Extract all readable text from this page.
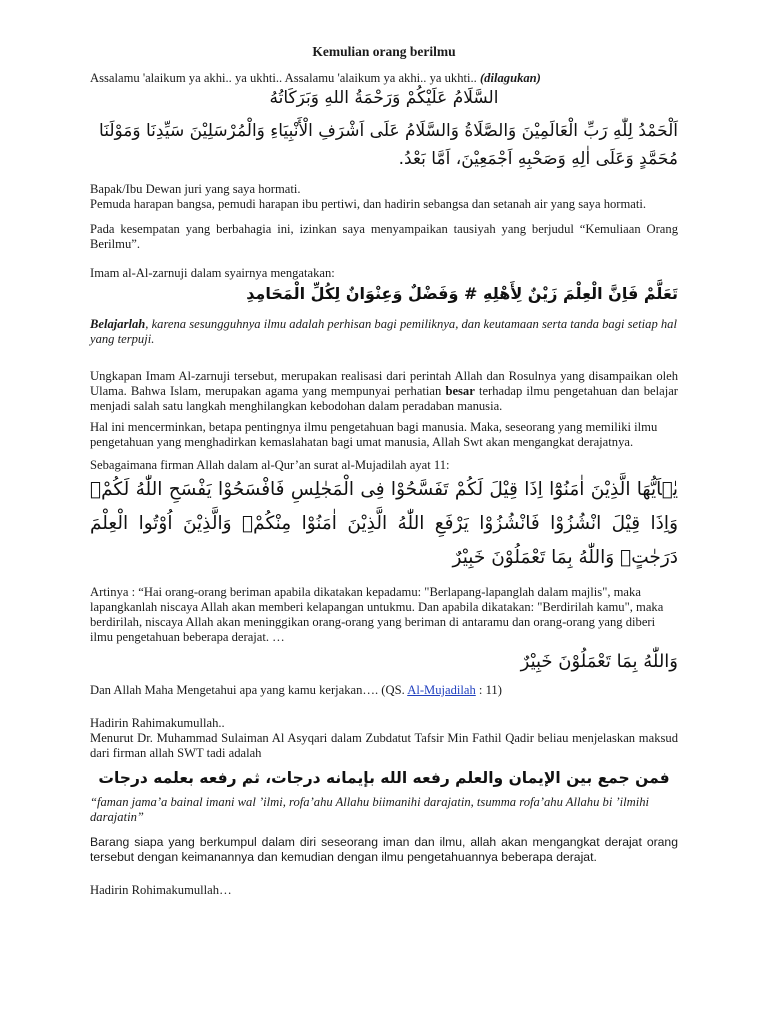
Kemulian orang berilmu

Assalamu 'alaikum ya akhi.. ya ukhti.. Assalamu 'alaikum ya akhi.. ya ukhti.. (dilagukan)

السَّلَامُ عَلَيْكُمْ وَرَحْمَةُ اللهِ وَبَرَكَاتُهُ
اَلْحَمْدُ لِلّٰهِ رَبِّ الْعَالَمِيْنَ وَالصَّلَاةُ وَالسَّلَامُ عَلَى اَشْرَفِ الْأَنْبِيَاءِ وَالْمُرْسَلِيْنَ سَيِّدِنَا وَمَوْلَنَا
مُحَمَّدٍ وَعَلَى اٰلِهِ وَصَحْبِهِ اَجْمَعِيْنَ، اَمَّا بَعْدُ.

Bapak/Ibu Dewan juri yang saya hormati.

Pemuda harapan bangsa, pemudi harapan ibu pertiwi, dan hadirin sebangsa dan setanah air yang saya hormati.

Pada kesempatan yang berbahagia ini, izinkan saya menyampaikan tausiyah yang berjudul “Kemuliaan Orang Berilmu”.

Imam al-Al-zarnuji dalam syairnya mengatakan:

تَعَلَّمْ فَاِنَّ الْعِلْمَ زَيْنٌ لِأَهْلِهِ # وَفَضْلٌ وَعِنْوَانٌ لِكُلِّ الْمَحَامِدِ

Belajarlah, karena sesungguhnya ilmu adalah perhisan bagi pemiliknya, dan keutamaan serta tanda bagi setiap hal yang terpuji.

Ungkapan Imam Al-zarnuji tersebut, merupakan realisasi dari perintah Allah dan Rosulnya yang disampaikan oleh Ulama. Bahwa Islam, merupakan agama yang mempunyai perhatian besar terhadap ilmu pengetahuan dan belajar menjadi salah satu langkah menghilangkan kebodohan dalam peradaban manusia.

Hal ini mencerminkan, betapa pentingnya ilmu pengetahuan bagi manusia. Maka, seseorang yang memiliki ilmu pengetahuan yang menghadirkan kemaslahatan bagi umat manusia, Allah Swt akan mengangkat derajatnya.

Sebagaimana firman Allah dalam al-Qur’an surat al-Mujadilah ayat 11:

يٰۤاَيُّهَا الَّذِيْنَ اٰمَنُوْٓا اِذَا قِيْلَ لَكُمْ تَفَسَّحُوْا فِى الْمَجٰلِسِ فَافْسَحُوْا يَفْسَحِ اللّٰهُ لَكُمْۚ وَاِذَا قِيْلَ انْشُزُوْا فَانْشُزُوْا يَرْفَعِ اللّٰهُ الَّذِيْنَ اٰمَنُوْا مِنْكُمْۙ وَالَّذِيْنَ اُوْتُوا الْعِلْمَ دَرَجٰتٍۗ وَاللّٰهُ بِمَا تَعْمَلُوْنَ خَبِيْرٌ

Artinya : “Hai orang-orang beriman apabila dikatakan kepadamu: "Berlapang-lapanglah dalam majlis", maka lapangkanlah niscaya Allah akan memberi kelapangan untukmu. Dan apabila dikatakan: "Berdirilah kamu", maka berdirilah, niscaya Allah akan meninggikan orang-orang yang beriman di antaramu dan orang-orang yang diberi ilmu pengetahuan beberapa derajat. …

وَاللّٰهُ بِمَا تَعْمَلُوْنَ خَبِيْرٌ

Dan Allah Maha Mengetahui apa yang kamu kerjakan…. (QS. Al-Mujadilah : 11)

Hadirin Rahimakumullah..

Menurut Dr. Muhammad Sulaiman Al Asyqari dalam Zubdatut Tafsir Min Fathil Qadir beliau menjelaskan maksud dari firman allah SWT tadi adalah

فمن جمع بين الإيمان والعلم رفعه الله بإيمانه درجات، ثم رفعه بعلمه درجات

“faman jama’a bainal imani wal ’ilmi, rofa’ahu Allahu biimanihi darajatin, tsumma rofa’ahu Allahu bi ’ilmihi darajatin”

Barang siapa yang berkumpul dalam diri seseorang iman dan ilmu, allah akan mengangkat derajat orang tersebut dengan keimanannya dan kemudian dengan ilmu pengetahuannya beberapa derajat.

Hadirin Rohimakumullah…
